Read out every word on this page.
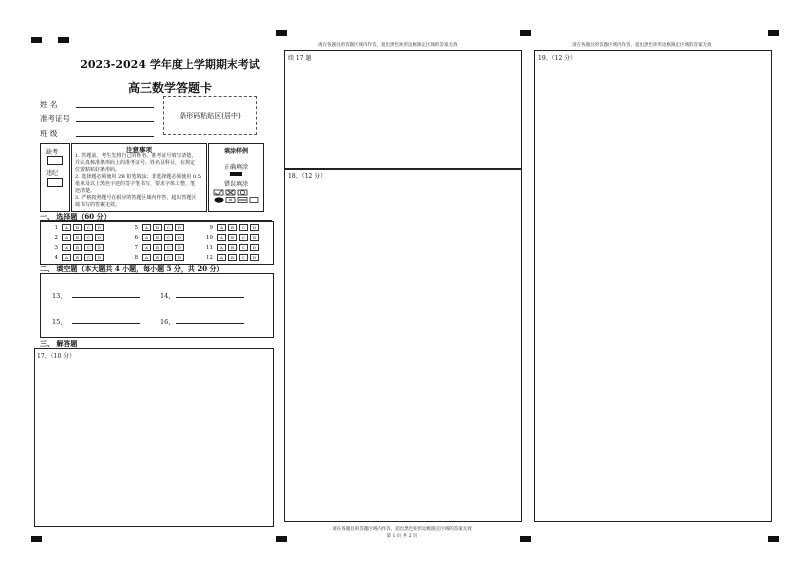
2023-2024 学年度上学期期末考试
高三数学答题卡
姓 名
准考证号
班 级
条形码粘贴区(居中)
缺考
违纪
注意事项
1. 答题前，考生先将自己的姓名、准考证号填写清楚，
并认真核准条形码上的准考证号、姓名及科目，在规定
位置粘贴好条形码。
2. 选择题必须使用 2B 铅笔填涂；非选择题必须使用 0.5
毫米及以上黑色字迹的签字笔书写，要求字体工整、笔
迹清楚。
3. 严格按照题号在相应的答题区域内作答，超出答题区
域书写的答案无效。
填涂样例
正确填涂
错误填涂
一、 选择题（60 分）
1	A	B	C	D
2	A	B	C	D
3	A	B	C	D
4	A	B	C	D
5	A	B	C	D
6	A	B	C	D
7	A	B	C	D
8	A	B	C	D
9	A	B	C	D
10	A	B	C	D
11	A	B	C	D
12	A	B	C	D
二、 填空题（本大题共 4 小题，每小题 5 分，共 20 分）
13、	14、
15、	16、
三、 解答题
17、（10 分）
请在各题目的答题区域内作答，超出黑色矩形边框限定区域的答案无效
续 17 题
18、（12 分）
请在各题目的答题区域内作答，超出黑色矩形边框限定区域的答案无效
第 1 页 共 2 页
请在各题目的答题区域内作答，超出黑色矩形边框限定区域的答案无效
19、（12 分）
